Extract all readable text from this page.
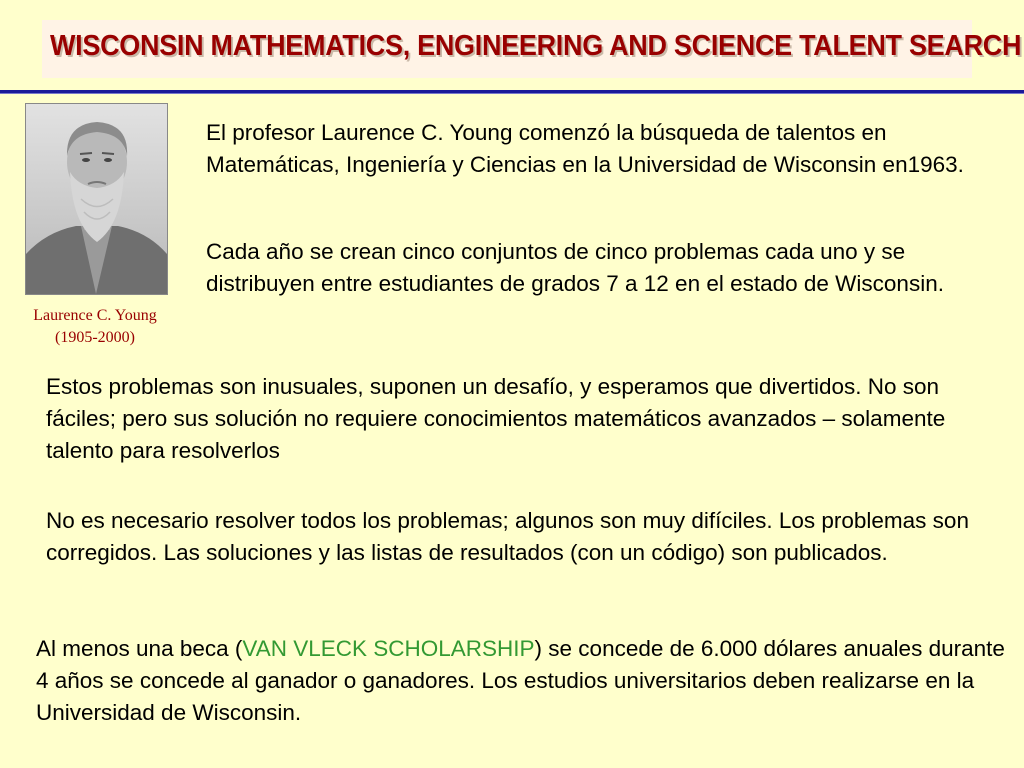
WISCONSIN MATHEMATICS, ENGINEERING AND SCIENCE TALENT SEARCH
Laurence C. Young
(1905-2000)

El profesor Laurence C. Young comenzó la búsqueda de talentos en Matemáticas, Ingeniería y Ciencias en la Universidad de Wisconsin en1963.

Cada año se crean cinco conjuntos de cinco problemas cada uno y se distribuyen entre estudiantes de grados 7 a 12 en el estado de Wisconsin.

Estos problemas son inusuales, suponen un desafío, y esperamos que divertidos. No son fáciles; pero sus solución no requiere conocimientos matemáticos avanzados – solamente talento para resolverlos

No es necesario resolver todos los problemas; algunos son muy difíciles. Los problemas son corregidos. Las soluciones y las listas de resultados (con un código) son publicados.

Al menos una beca (VAN VLECK SCHOLARSHIP) se concede de 6.000 dólares anuales durante 4 años se concede al ganador o ganadores. Los estudios universitarios deben realizarse en la Universidad de Wisconsin.
